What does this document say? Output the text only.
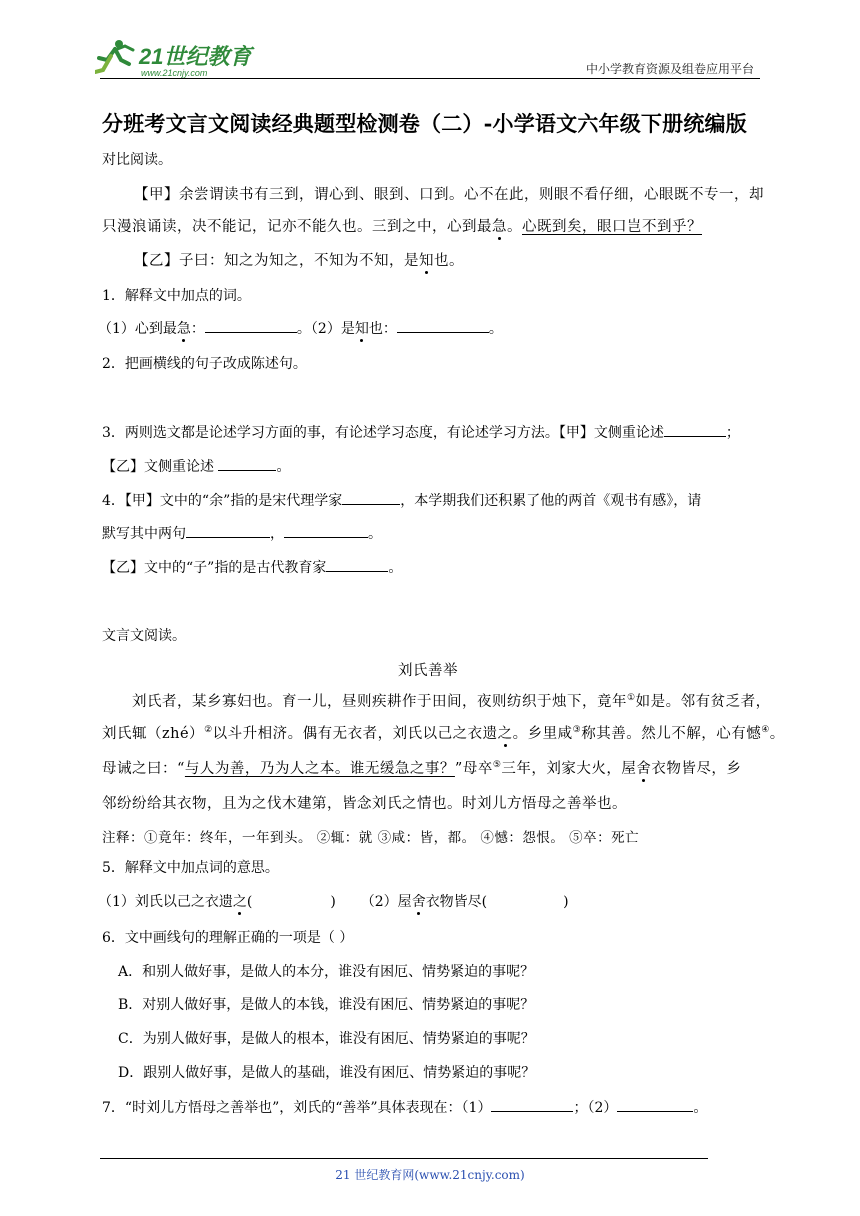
21世纪教育
www.21cnjy.com	中小学教育资源及组卷应用平台
分班考文言文阅读经典题型检测卷（二）-小学语文六年级下册统编版
对比阅读。
【甲】余尝谓读书有三到，谓心到、眼到、口到。心不在此，则眼不看仔细，心眼既不专一，却
只漫浪诵读，决不能记，记亦不能久也。三到之中，心到最急。心既到矣，眼口岂不到乎？
【乙】子曰：知之为知之，不知为不知，是知也。
1．解释文中加点的词。
（1）心到最急：	。（2）是知也：	。
2．把画横线的句子改成陈述句。
3．两则选文都是论述学习方面的事，有论述学习态度，有论述学习方法。【甲】文侧重论述	；
【乙】文侧重论述	。
4．【甲】文中的“余”指的是宋代理学家	，本学期我们还积累了他的两首《观书有感》，请
默写其中两句	，	。
【乙】文中的“子”指的是古代教育家	。
文言文阅读。
刘氏善举
刘氏者，某乡寡妇也。育一儿，昼则疾耕作于田间，夜则纺织于烛下，竟年①如是。邻有贫乏者，
刘氏辄（zhé）②以斗升相济。偶有无衣者，刘氏以己之衣遗之。乡里咸③称其善。然儿不解，心有憾④。
母诫之曰：“与人为善，乃为人之本。谁无缓急之事？”母卒⑤三年，刘家大火，屋舍衣物皆尽，乡
邻纷纷给其衣物，且为之伐木建第，皆念刘氏之情也。时刘儿方悟母之善举也。
注释：①竟年：终年，一年到头。 ②辄：就 ③咸：皆，都。 ④憾：怨恨。 ⑤卒：死亡
5．解释文中加点词的意思。
（1）刘氏以己之衣遗之(	) （2）屋舍衣物皆尽(	)
6．文中画线句的理解正确的一项是（ ）
A．和别人做好事，是做人的本分，谁没有困厄、情势紧迫的事呢？
B．对别人做好事，是做人的本钱，谁没有困厄、情势紧迫的事呢？
C．为别人做好事，是做人的根本，谁没有困厄、情势紧迫的事呢？
D．跟别人做好事，是做人的基础，谁没有困厄、情势紧迫的事呢？
7．“时刘儿方悟母之善举也”，刘氏的“善举”具体表现在：（1）	；（2）	。
21 世纪教育网(www.21cnjy.com)
